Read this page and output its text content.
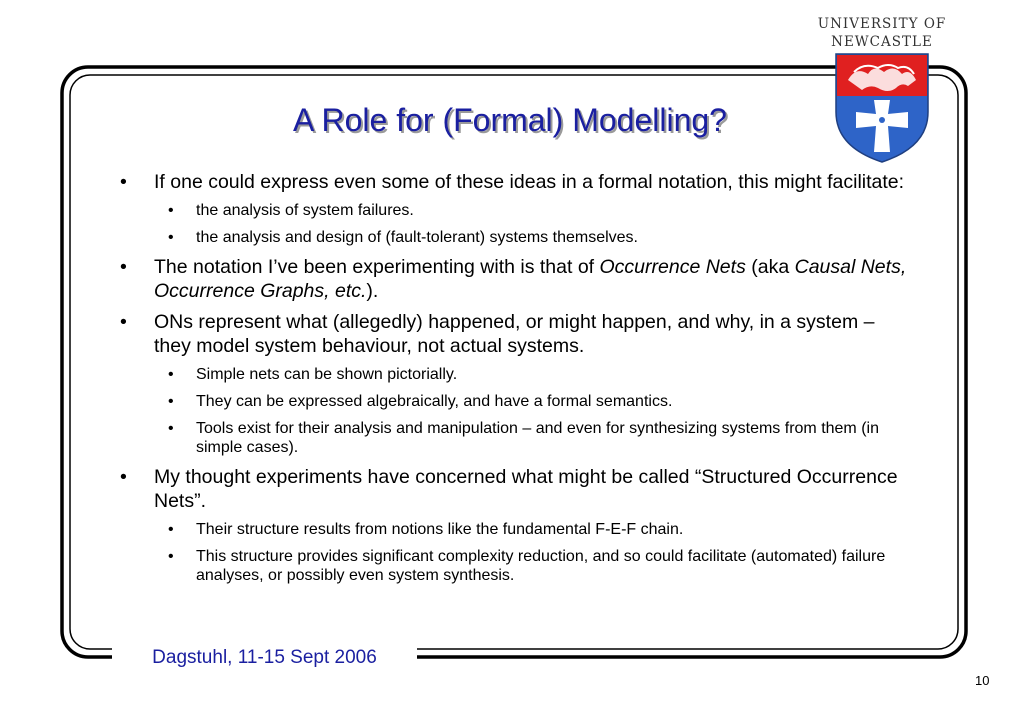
UNIVERSITY OF
NEWCASTLE
A Role for (Formal) Modelling?
• If one could express even some of these ideas in a formal notation, this might facilitate:
• the analysis of system failures.
• the analysis and design of (fault-tolerant) systems themselves.
• The notation I’ve been experimenting with is that of Occurrence Nets (aka Causal Nets, Occurrence Graphs, etc.).
• ONs represent what (allegedly) happened, or might happen, and why, in a system – they model system behaviour, not actual systems.
• Simple nets can be shown pictorially.
• They can be expressed algebraically, and have a formal semantics.
• Tools exist for their analysis and manipulation – and even for synthesizing systems from them (in simple cases).
• My thought experiments have concerned what might be called “Structured Occurrence Nets”.
• Their structure results from notions like the fundamental F-E-F chain.
• This structure provides significant complexity reduction, and so could facilitate (automated) failure analyses, or possibly even system synthesis.
Dagstuhl, 11-15 Sept 2006
10
